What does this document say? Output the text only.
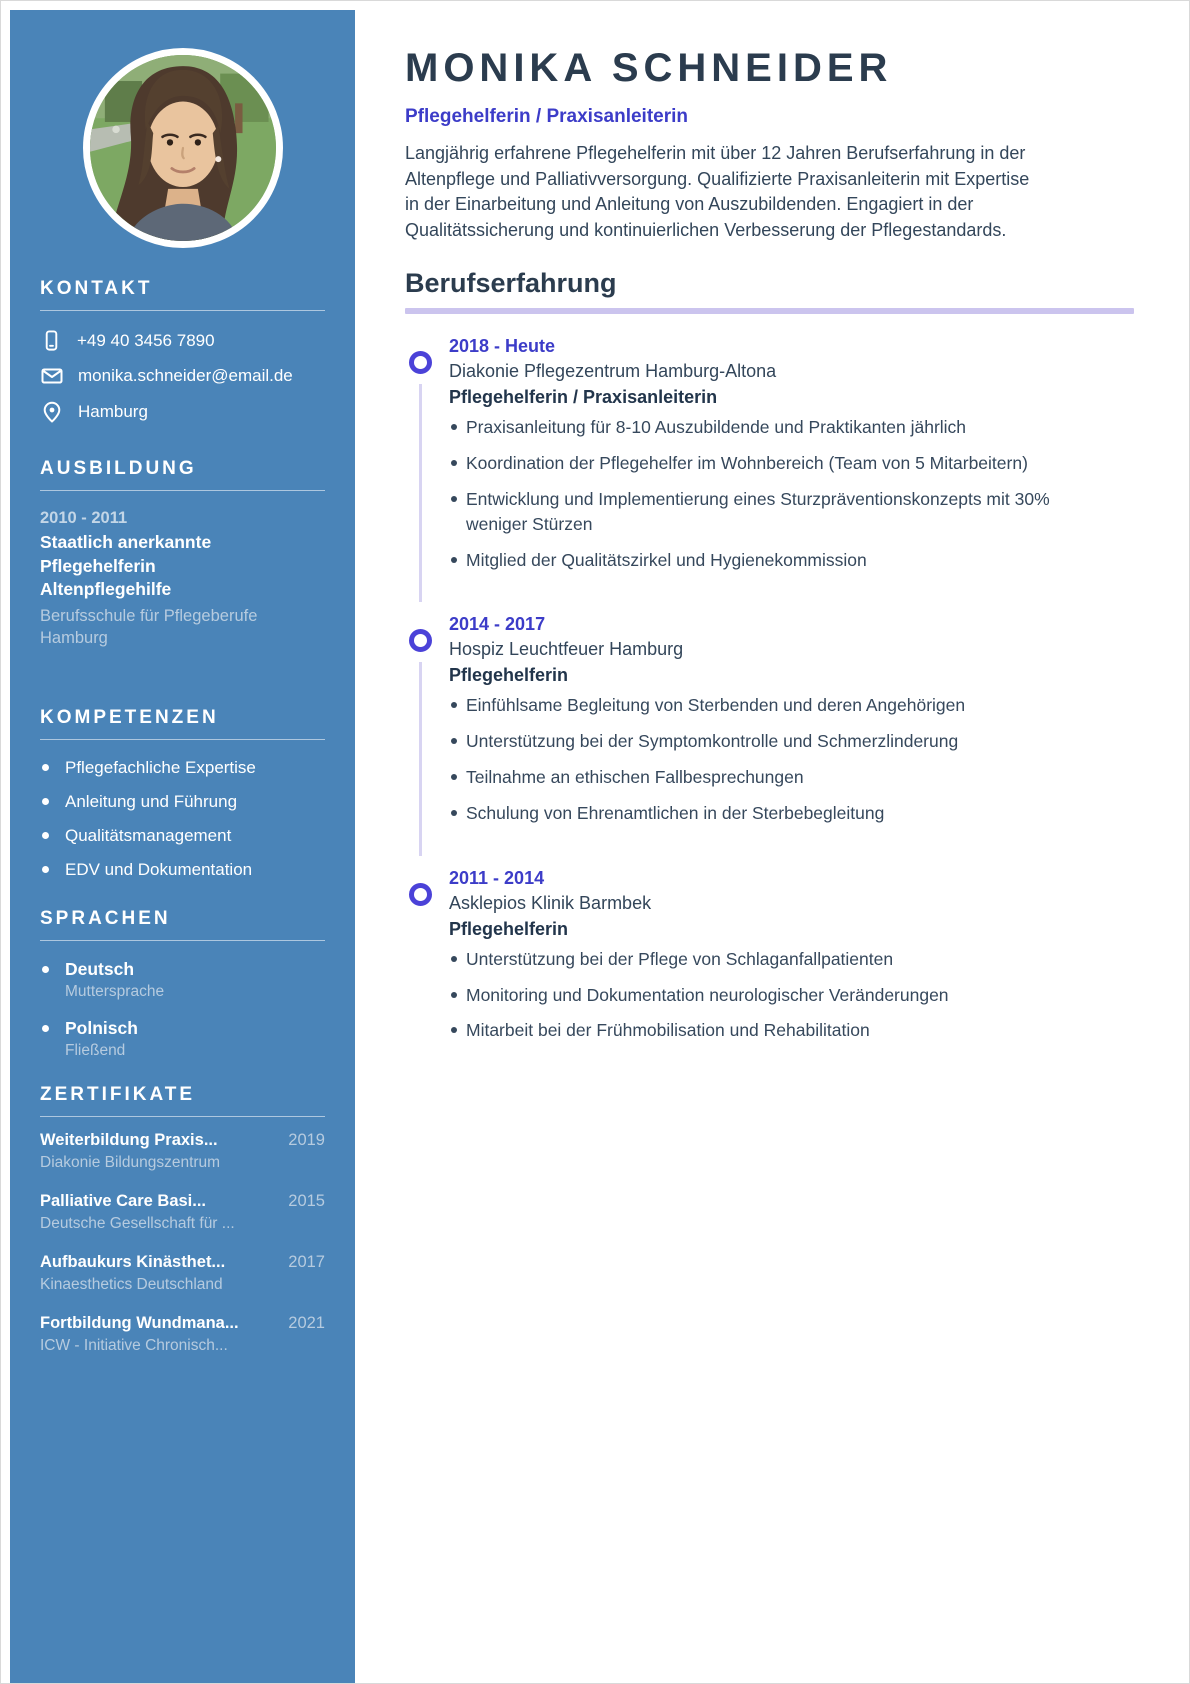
KONTAKT
+49 40 3456 7890
monika.schneider@email.de
Hamburg
AUSBILDUNG
2010 - 2011
Staatlich anerkannte Pflegehelferin Altenpflegehilfe
Berufsschule für Pflegeberufe Hamburg
KOMPETENZEN
Pflegefachliche Expertise
Anleitung und Führung
Qualitätsmanagement
EDV und Dokumentation
SPRACHEN
Deutsch
Muttersprache
Polnisch
Fließend
ZERTIFIKATE
Weiterbildung Praxis...	2019
Diakonie Bildungszentrum
Palliative Care Basi...	2015
Deutsche Gesellschaft für ...
Aufbaukurs Kinästhet...	2017
Kinaesthetics Deutschland
Fortbildung Wundmana...	2021
ICW - Initiative Chronisch...
MONIKA SCHNEIDER
Pflegehelferin / Praxisanleiterin

Langjährig erfahrene Pflegehelferin mit über 12 Jahren Berufserfahrung in der Altenpflege und Palliativversorgung. Qualifizierte Praxisanleiterin mit Expertise in der Einarbeitung und Anleitung von Auszubildenden. Engagiert in der Qualitätssicherung und kontinuierlichen Verbesserung der Pflegestandards.

Berufserfahrung
2018 - Heute
Diakonie Pflegezentrum Hamburg-Altona
Pflegehelferin / Praxisanleiterin
Praxisanleitung für 8-10 Auszubildende und Praktikanten jährlich
Koordination der Pflegehelfer im Wohnbereich (Team von 5 Mitarbeitern)
Entwicklung und Implementierung eines Sturzpräventionskonzepts mit 30% weniger Stürzen
Mitglied der Qualitätszirkel und Hygienekommission
2014 - 2017
Hospiz Leuchtfeuer Hamburg
Pflegehelferin
Einfühlsame Begleitung von Sterbenden und deren Angehörigen
Unterstützung bei der Symptomkontrolle und Schmerzlinderung
Teilnahme an ethischen Fallbesprechungen
Schulung von Ehrenamtlichen in der Sterbebegleitung
2011 - 2014
Asklepios Klinik Barmbek
Pflegehelferin
Unterstützung bei der Pflege von Schlaganfallpatienten
Monitoring und Dokumentation neurologischer Veränderungen
Mitarbeit bei der Frühmobilisation und Rehabilitation
